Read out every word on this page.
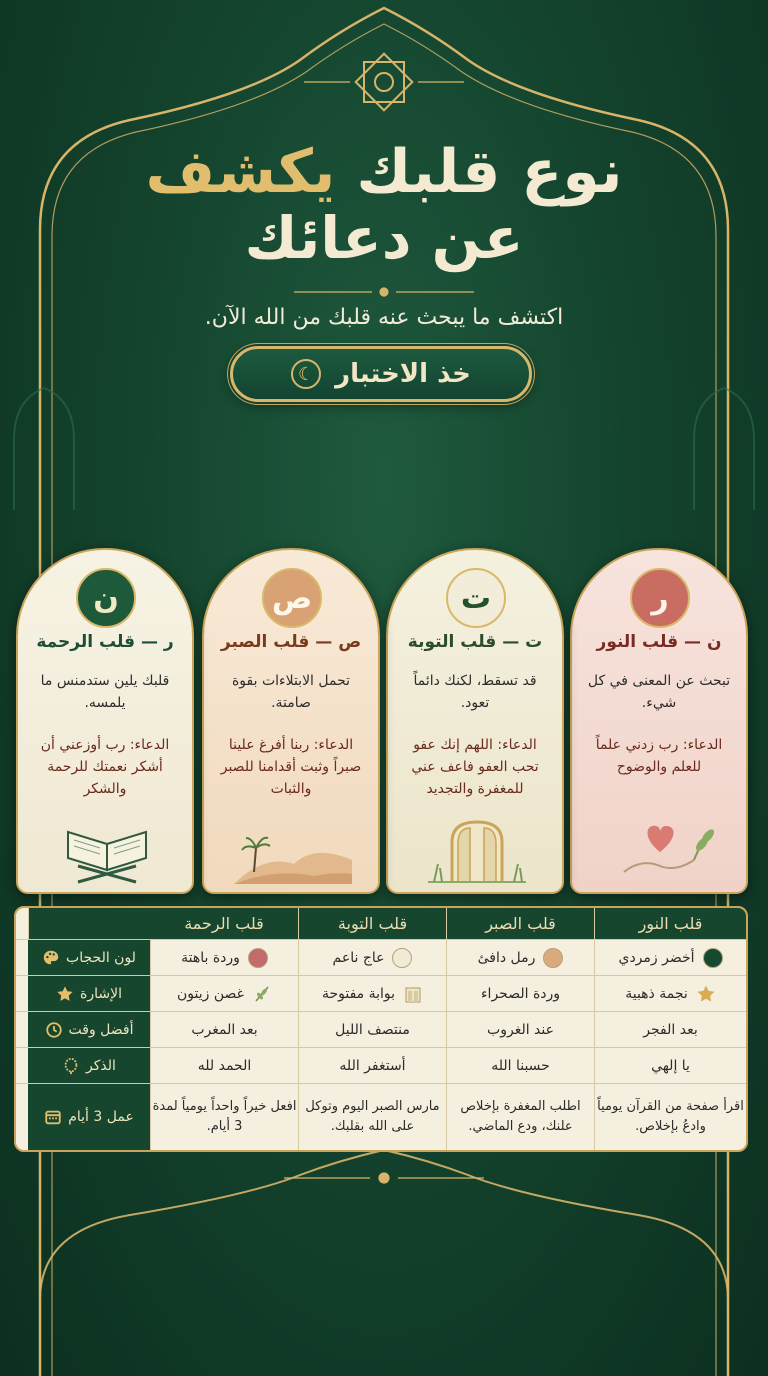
نوع قلبك يكشف
عن دعائك
اكتشف ما يبحث عنه قلبك من الله الآن.
خذ الاختبار
☾
ر
ن — قلب النور
تبحث عن المعنى في كل شيء.
الدعاء: رب زدني علماً للعلم والوضوح
ت
ت — قلب التوبة
قد تسقط، لكنك دائماً تعود.
الدعاء: اللهم إنك عفو تحب العفو فاعف عني للمغفرة والتجديد
ص
ص — قلب الصبر
تحمل الابتلاءات بقوة صامتة.
الدعاء: ربنا أفرغ علينا صبراً وثبت أقدامنا للصبر والثبات
ن
ر — قلب الرحمة
قلبك يلين ستدمنس ما يلمسه.
الدعاء: رب أوزعني أن أشكر نعمتك للرحمة والشكر
قلب النور
قلب الصبر
قلب التوبة
قلب الرحمة
أخضر زمردي
رمل دافئ
عاج ناعم
وردة باهتة
لون الحجاب
نجمة ذهبية
وردة الصحراء
بوابة مفتوحة
غصن زيتون
الإشارة
بعد الفجر
عند الغروب
منتصف الليل
بعد المغرب
أفضل وقت
يا إلهي
حسبنا الله
أستغفر الله
الحمد لله
الذكر
اقرأ صفحة من القرآن يومياً وادعُ بإخلاص.
اطلب المغفرة بإخلاص علنك، ودع الماضي.
مارس الصبر اليوم وتوكل على الله بقلبك.
افعل خيراً واحداً يومياً لمدة 3 أيام.
عمل 3 أيام
